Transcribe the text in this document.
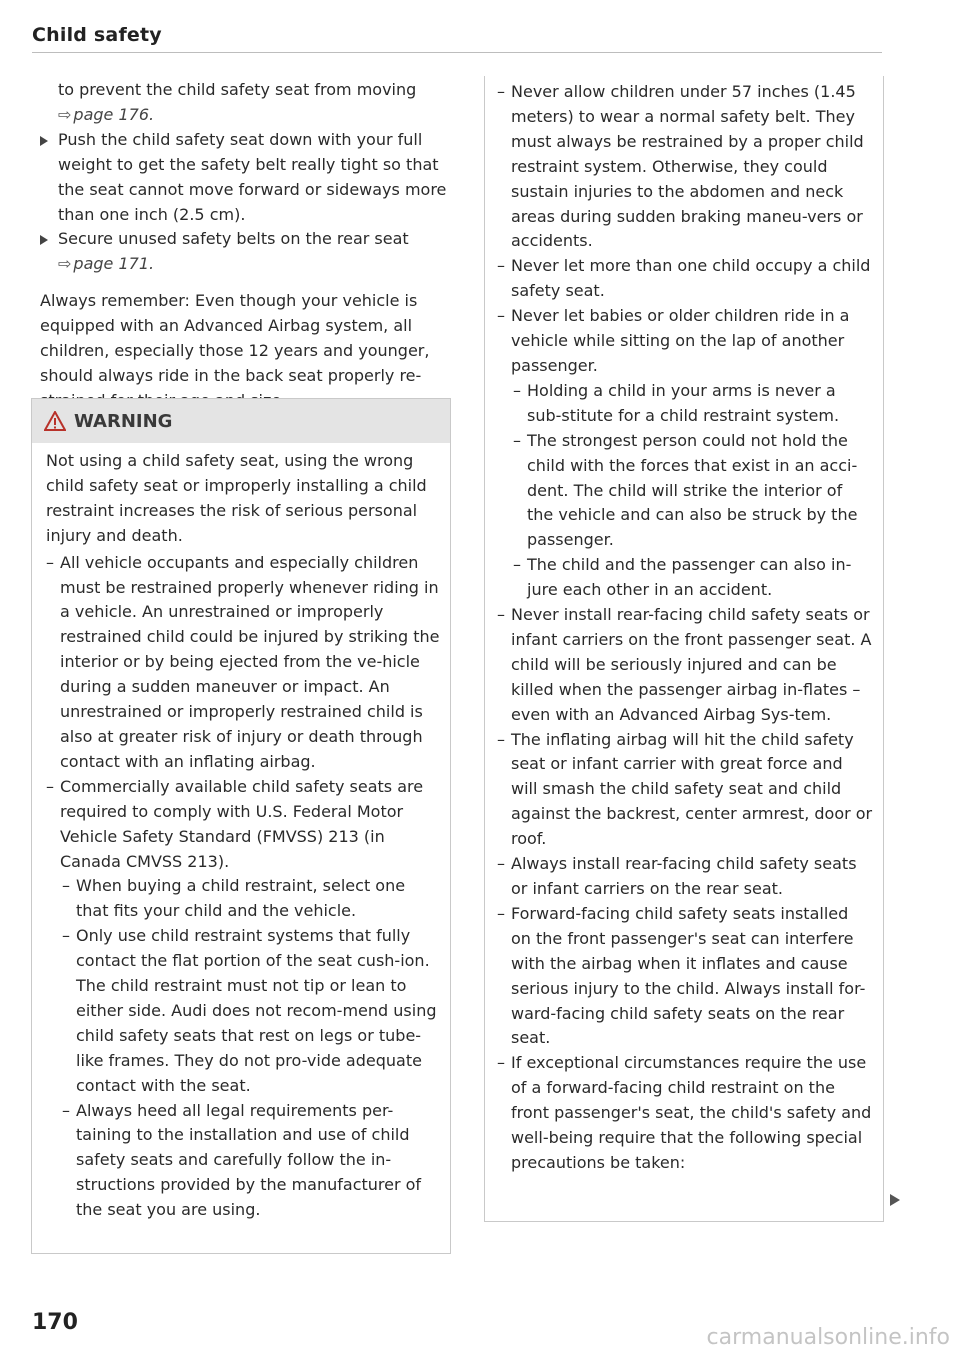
Child safety

to prevent the child safety seat from moving

⇨ page 176.

Push the child safety seat down with your full weight to get the safety belt really tight so that the seat cannot move forward or sideways more than one inch (2.5 cm).
Secure unused safety belts on the rear seat
⇨ page 171.

Always remember: Even though your vehicle is equipped with an Advanced Airbag system, all children, especially those 12 years and younger, should always ride in the back seat properly re-

WARNING

Not using a child safety seat, using the wrong child safety seat or improperly installing a child restraint increases the risk of serious personal injury and death.

– All vehicle occupants and especially children must be restrained properly whenever riding in a vehicle. An unrestrained or improperly restrained child could be injured by striking the interior or by being ejected from the ve-hicle during a sudden maneuver or impact. An unrestrained or improperly restrained child is also at greater risk of injury or death through contact with an inflating airbag.
– Commercially available child safety seats are required to comply with U.S. Federal Motor Vehicle Safety Standard (FMVSS) 213 (in Canada CMVSS 213).
– When buying a child restraint, select one that fits your child and the vehicle.
– Only use child restraint systems that fully contact the flat portion of the seat cush-ion. The child restraint must not tip or lean to either side. Audi does not recom-mend using child safety seats that rest on legs or tube-like frames. They do not pro-vide adequate contact with the seat.
– Always heed all legal requirements per-taining to the installation and use of child safety seats and carefully follow the in-structions provided by the manufacturer of the seat you are using.
– Never allow children under 57 inches (1.45 meters) to wear a normal safety belt. They must always be restrained by a proper child restraint system. Otherwise, they could sustain injuries to the abdomen and neck areas during sudden braking maneu-vers or accidents.
– Never let more than one child occupy a child safety seat.
– Never let babies or older children ride in a vehicle while sitting on the lap of another passenger.
– Holding a child in your arms is never a sub-stitute for a child restraint system.
– The strongest person could not hold the child with the forces that exist in an acci-dent. The child will strike the interior of the vehicle and can also be struck by the passenger.
– The child and the passenger can also in-jure each other in an accident.
– Never install rear-facing child safety seats or infant carriers on the front passenger seat. A child will be seriously injured and can be killed when the passenger airbag in-flates – even with an Advanced Airbag Sys-tem.
– The inflating airbag will hit the child safety seat or infant carrier with great force and will smash the child safety seat and child against the backrest, center armrest, door or roof.
– Always install rear-facing child safety seats or infant carriers on the rear seat.
– Forward-facing child safety seats installed on the front passenger's seat can interfere with the airbag when it inflates and cause serious injury to the child. Always install for-ward-facing child safety seats on the rear seat.
– If exceptional circumstances require the use of a forward-facing child restraint on the front passenger's seat, the child's safety and well-being require that the following special precautions be taken:
170
carmanualsonline.info
